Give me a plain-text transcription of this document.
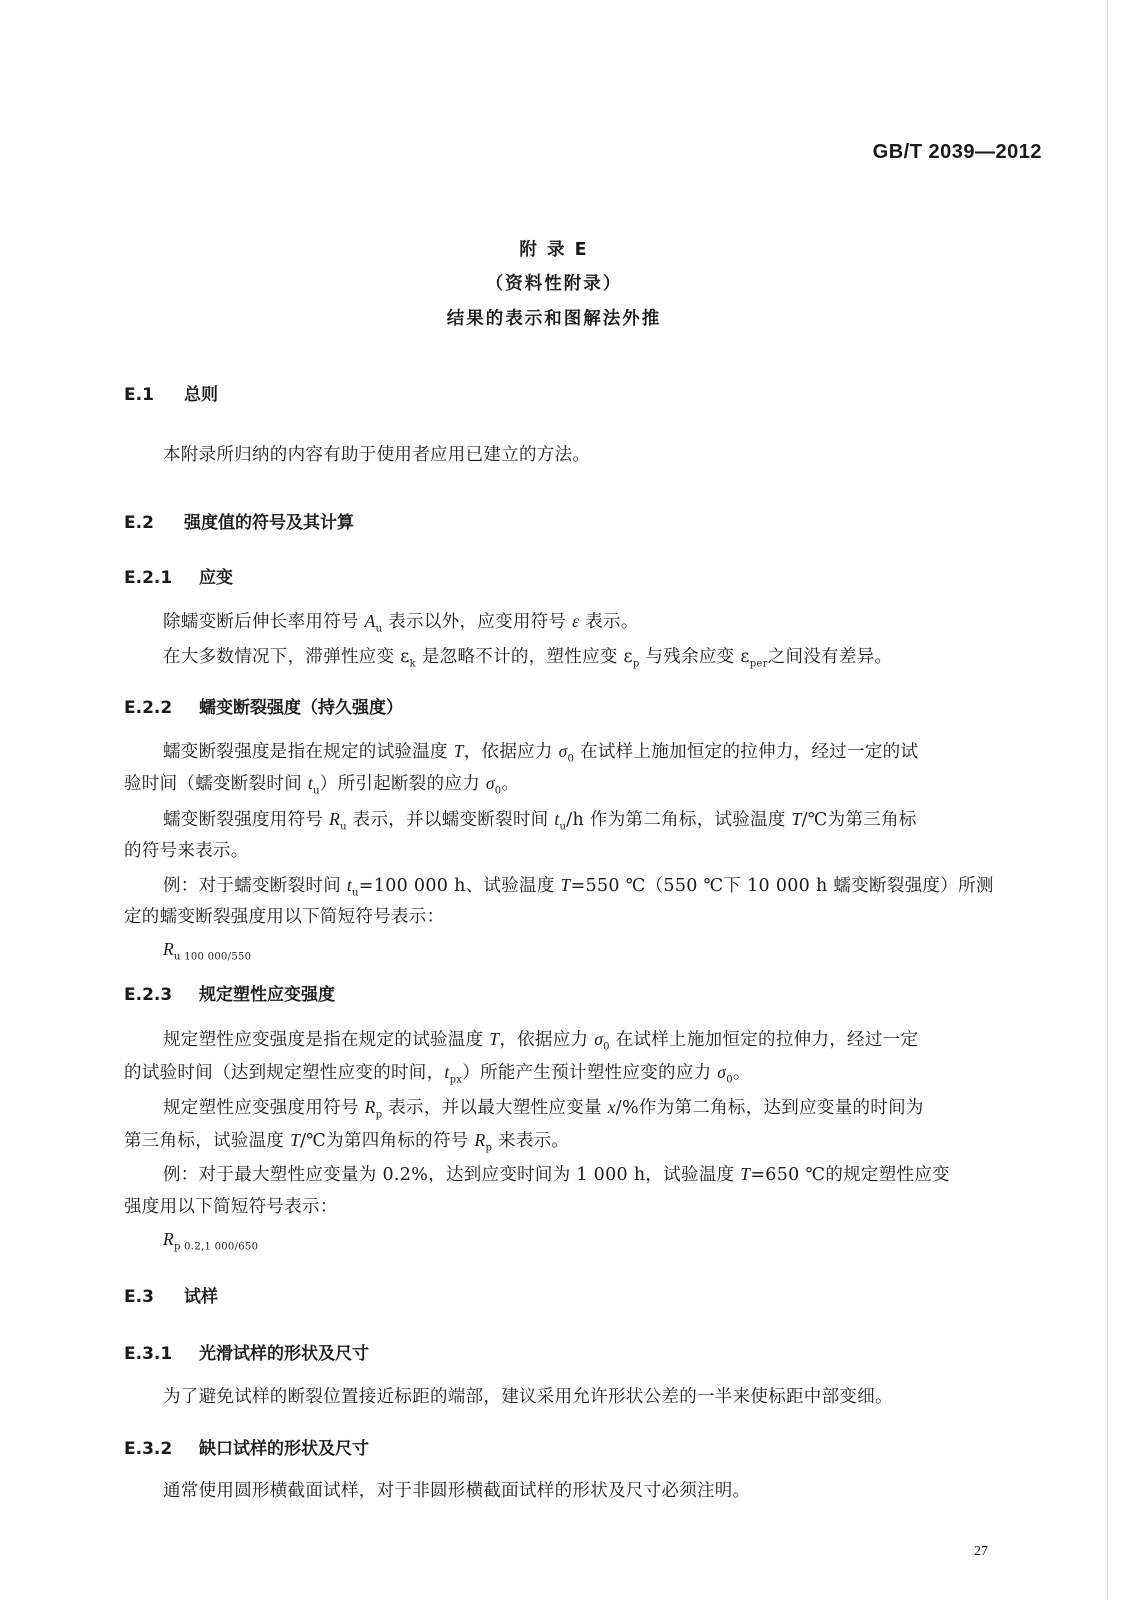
GB/T 2039—2012
附 录 E
（资料性附录）
结果的表示和图解法外推
E.1 总则
本附录所归纳的内容有助于使用者应用已建立的方法。
E.2 强度值的符号及其计算
E.2.1 应变
除蠕变断后伸长率用符号 $A_u$ 表示以外，应变用符号 ε 表示。
在大多数情况下，滞弹性应变 $\varepsilon_k$ 是忽略不计的，塑性应变 $\varepsilon_p$ 与残余应变 $\varepsilon_{per}$之间没有差异。
E.2.2 蠕变断裂强度（持久强度）
蠕变断裂强度是指在规定的试验温度 T，依据应力 $\sigma_0$ 在试样上施加恒定的拉伸力，经过一定的试
验时间（蠕变断裂时间 $t_u$）所引起断裂的应力 $\sigma_0$。
蠕变断裂强度用符号 $R_u$ 表示，并以蠕变断裂时间 $t_u/h$ 作为第二角标，试验温度 T/℃为第三角标
的符号来表示。
例：对于蠕变断裂时间 $t_u=100$ 000 h、试验温度 T=550 ℃（550 ℃下 10 000 h 蠕变断裂强度）所测
定的蠕变断裂强度用以下简短符号表示：
$R_{u 100 000/550}$
E.2.3 规定塑性应变强度
规定塑性应变强度是指在规定的试验温度 T，依据应力 $\sigma_0$ 在试样上施加恒定的拉伸力，经过一定
的试验时间（达到规定塑性应变的时间，$t_{px}$）所能产生预计塑性应变的应力 $\sigma_0$。
规定塑性应变强度用符号 $R_p$ 表示，并以最大塑性应变量 x/%作为第二角标，达到应变量的时间为
第三角标，试验温度 T/℃为第四角标的符号 $R_p$ 来表示。
例：对于最大塑性应变量为 0.2%，达到应变时间为 1 000 h，试验温度 T=650 ℃的规定塑性应变
强度用以下简短符号表示：
$R_{p 0.2,1 000/650}$
E.3 试样
E.3.1 光滑试样的形状及尺寸
为了避免试样的断裂位置接近标距的端部，建议采用允许形状公差的一半来使标距中部变细。
E.3.2 缺口试样的形状及尺寸
通常使用圆形横截面试样，对于非圆形横截面试样的形状及尺寸必须注明。
27
